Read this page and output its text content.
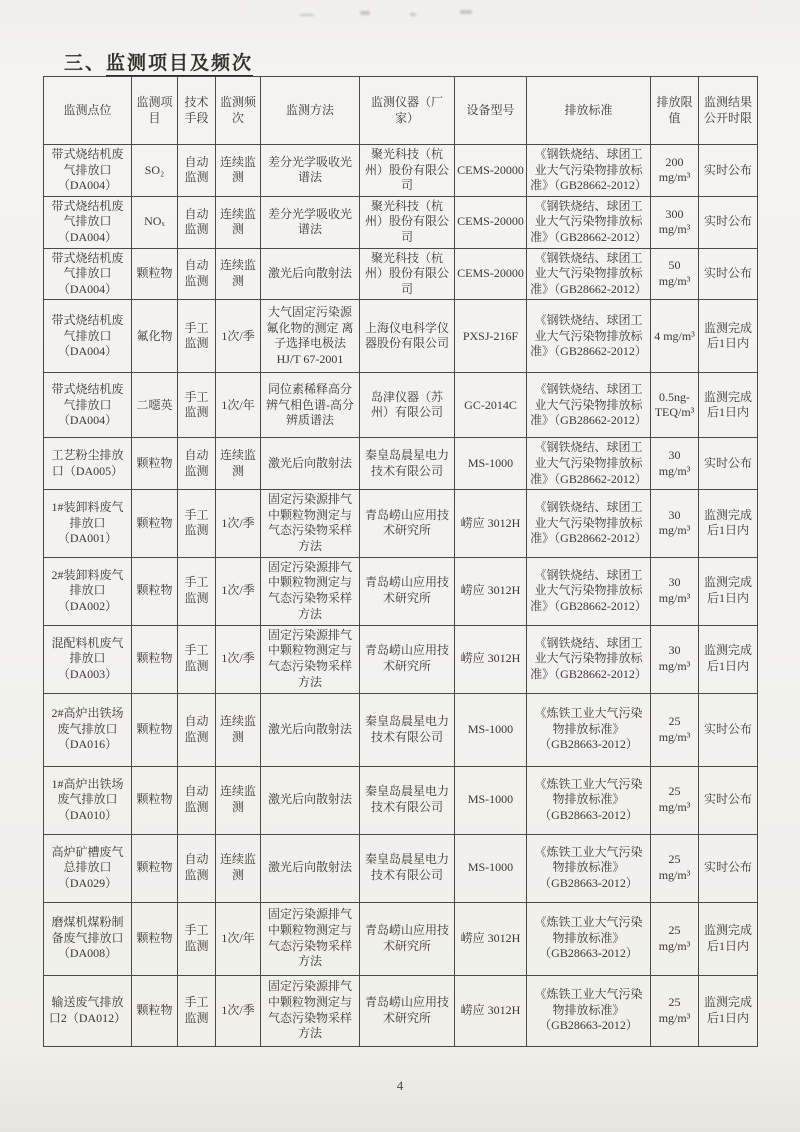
三、监测项目及频次
监测点位	监测项目	技术手段	监测频次	监测方法	监测仪器（厂家）	设备型号	排放标准	排放限值	监测结果公开时限
带式烧结机废气排放口（DA004）	SO₂	自动监测	连续监测	差分光学吸收光谱法	聚光科技（杭州）股份有限公司	CEMS-20000	《钢铁烧结、球团工业大气污染物排放标准》（GB28662-2012）	200 mg/m³	实时公布
带式烧结机废气排放口（DA004）	NOₓ	自动监测	连续监测	差分光学吸收光谱法	聚光科技（杭州）股份有限公司	CEMS-20000	《钢铁烧结、球团工业大气污染物排放标准》（GB28662-2012）	300 mg/m³	实时公布
带式烧结机废气排放口（DA004）	颗粒物	自动监测	连续监测	激光后向散射法	聚光科技（杭州）股份有限公司	CEMS-20000	《钢铁烧结、球团工业大气污染物排放标准》（GB28662-2012）	50 mg/m³	实时公布
带式烧结机废气排放口（DA004）	氟化物	手工监测	1次/季	大气固定污染源 氟化物的测定 离子选择电极法 HJ/T 67-2001	上海仪电科学仪器股份有限公司	PXSJ-216F	《钢铁烧结、球团工业大气污染物排放标准》（GB28662-2012）	4 mg/m³	监测完成后1日内
带式烧结机废气排放口（DA004）	二噁英	手工监测	1次/年	同位素稀释高分辨气相色谱-高分辨质谱法	岛津仪器（苏州）有限公司	GC-2014C	《钢铁烧结、球团工业大气污染物排放标准》（GB28662-2012）	0.5ng-TEQ/m³	监测完成后1日内
工艺粉尘排放口（DA005）	颗粒物	自动监测	连续监测	激光后向散射法	秦皇岛晨星电力技术有限公司	MS-1000	《钢铁烧结、球团工业大气污染物排放标准》（GB28662-2012）	30 mg/m³	实时公布
1#装卸料废气排放口（DA001）	颗粒物	手工监测	1次/季	固定污染源排气中颗粒物测定与气态污染物采样方法	青岛崂山应用技术研究所	崂应 3012H	《钢铁烧结、球团工业大气污染物排放标准》（GB28662-2012）	30 mg/m³	监测完成后1日内
2#装卸料废气排放口（DA002）	颗粒物	手工监测	1次/季	固定污染源排气中颗粒物测定与气态污染物采样方法	青岛崂山应用技术研究所	崂应 3012H	《钢铁烧结、球团工业大气污染物排放标准》（GB28662-2012）	30 mg/m³	监测完成后1日内
混配料机废气排放口（DA003）	颗粒物	手工监测	1次/季	固定污染源排气中颗粒物测定与气态污染物采样方法	青岛崂山应用技术研究所	崂应 3012H	《钢铁烧结、球团工业大气污染物排放标准》（GB28662-2012）	30 mg/m³	监测完成后1日内
2#高炉出铁场废气排放口（DA016）	颗粒物	自动监测	连续监测	激光后向散射法	秦皇岛晨星电力技术有限公司	MS-1000	《炼铁工业大气污染物排放标准》（GB28663-2012）	25 mg/m³	实时公布
1#高炉出铁场废气排放口（DA010）	颗粒物	自动监测	连续监测	激光后向散射法	秦皇岛晨星电力技术有限公司	MS-1000	《炼铁工业大气污染物排放标准》（GB28663-2012）	25 mg/m³	实时公布
高炉矿槽废气总排放口（DA029）	颗粒物	自动监测	连续监测	激光后向散射法	秦皇岛晨星电力技术有限公司	MS-1000	《炼铁工业大气污染物排放标准》（GB28663-2012）	25 mg/m³	实时公布
磨煤机煤粉制备废气排放口（DA008）	颗粒物	手工监测	1次/年	固定污染源排气中颗粒物测定与气态污染物采样方法	青岛崂山应用技术研究所	崂应 3012H	《炼铁工业大气污染物排放标准》（GB28663-2012）	25 mg/m³	监测完成后1日内
输送废气排放口2（DA012）	颗粒物	手工监测	1次/季	固定污染源排气中颗粒物测定与气态污染物采样方法	青岛崂山应用技术研究所	崂应 3012H	《炼铁工业大气污染物排放标准》（GB28663-2012）	25 mg/m³	监测完成后1日内
4
